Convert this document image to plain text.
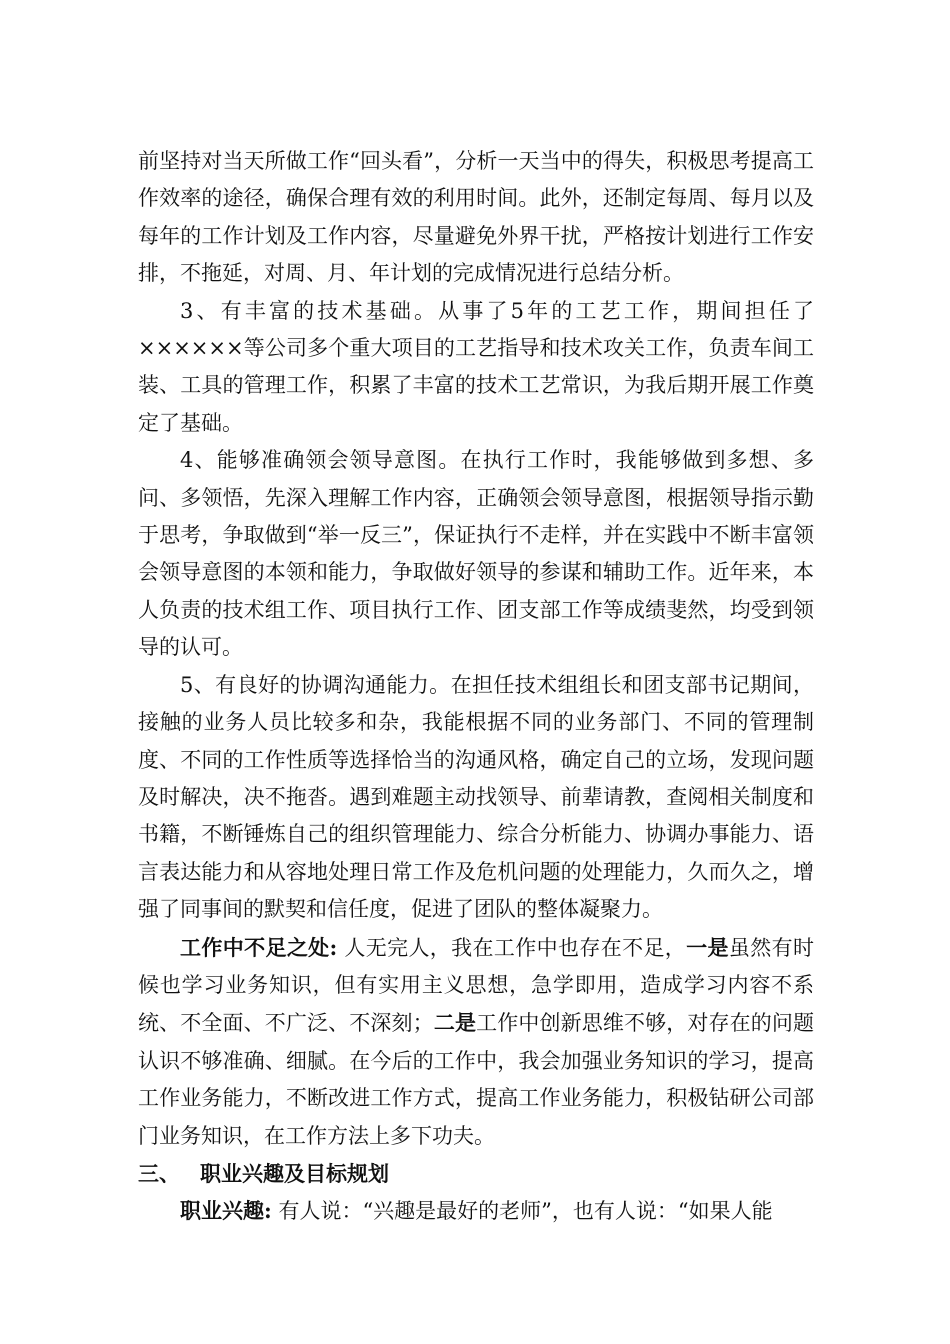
前坚持对当天所做工作“回头看”，分析一天当中的得失，积极思考提高工作效率的途径，确保合理有效的利用时间。此外，还制定每周、每月以及每年的工作计划及工作内容，尽量避免外界干扰，严格按计划进行工作安排，不拖延，对周、月、年计划的完成情况进行总结分析。

3、有丰富的技术基础。从事了5年的工艺工作，期间担任了××××××等公司多个重大项目的工艺指导和技术攻关工作，负责车间工装、工具的管理工作，积累了丰富的技术工艺常识，为我后期开展工作奠定了基础。

4、能够准确领会领导意图。在执行工作时，我能够做到多想、多问、多领悟，先深入理解工作内容，正确领会领导意图，根据领导指示勤于思考，争取做到“举一反三”，保证执行不走样，并在实践中不断丰富领会领导意图的本领和能力，争取做好领导的参谋和辅助工作。近年来，本人负责的技术组工作、项目执行工作、团支部工作等成绩斐然，均受到领导的认可。

5、有良好的协调沟通能力。在担任技术组组长和团支部书记期间，接触的业务人员比较多和杂，我能根据不同的业务部门、不同的管理制度、不同的工作性质等选择恰当的沟通风格，确定自己的立场，发现问题及时解决，决不拖沓。遇到难题主动找领导、前辈请教，查阅相关制度和书籍，不断锤炼自己的组织管理能力、综合分析能力、协调办事能力、语言表达能力和从容地处理日常工作及危机问题的处理能力，久而久之，增强了同事间的默契和信任度，促进了团队的整体凝聚力。

工作中不足之处: 人无完人，我在工作中也存在不足，一是虽然有时候也学习业务知识，但有实用主义思想，急学即用，造成学习内容不系统、不全面、不广泛、不深刻；二是工作中创新思维不够，对存在的问题认识不够准确、细腻。在今后的工作中，我会加强业务知识的学习，提高工作业务能力，不断改进工作方式，提高工作业务能力，积极钻研公司部门业务知识，在工作方法上多下功夫。

三、 职业兴趣及目标规划

职业兴趣: 有人说：“兴趣是最好的老师”，也有人说：“如果人能
